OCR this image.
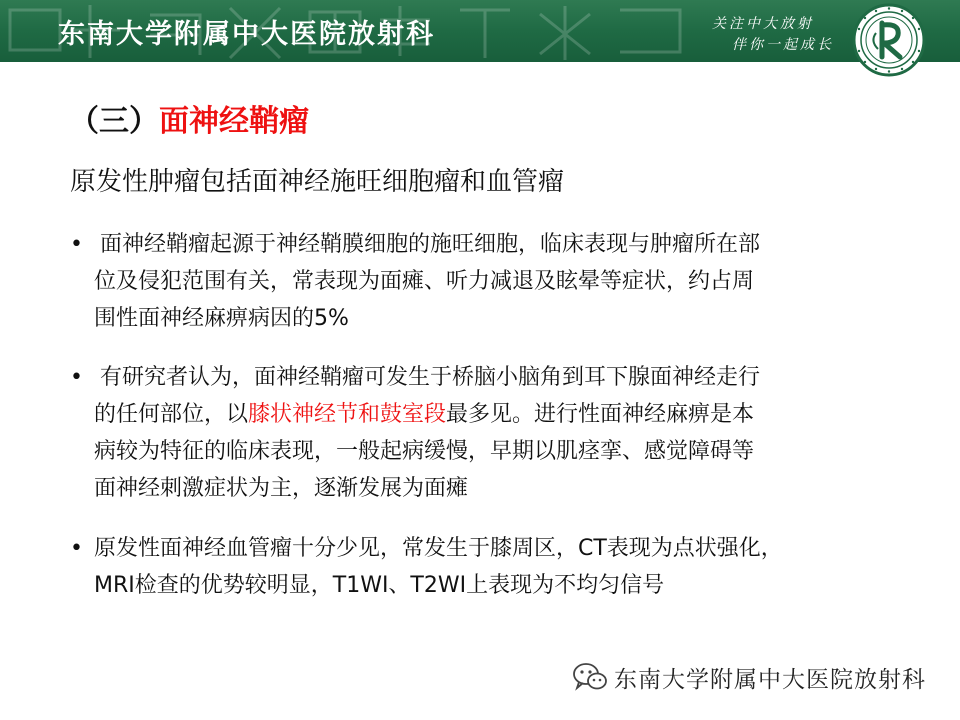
东南大学附属中大医院放射科	关注中大放射
伴你一起成长
（三）面神经鞘瘤
原发性肿瘤包括面神经施旺细胞瘤和血管瘤
• 面神经鞘瘤起源于神经鞘膜细胞的施旺细胞，临床表现与肿瘤所在部
位及侵犯范围有关，常表现为面瘫、听力减退及眩晕等症状，约占周
围性面神经麻痹病因的5%
• 有研究者认为，面神经鞘瘤可发生于桥脑小脑角到耳下腺面神经走行
的任何部位，以膝状神经节和鼓室段最多见。进行性面神经麻痹是本
病较为特征的临床表现，一般起病缓慢，早期以肌痉挛、感觉障碍等
面神经刺激症状为主，逐渐发展为面瘫
• 原发性面神经血管瘤十分少见，常发生于膝周区，CT表现为点状强化，
MRI检查的优势较明显，T1WI、T2WI上表现为不均匀信号
东南大学附属中大医院放射科
